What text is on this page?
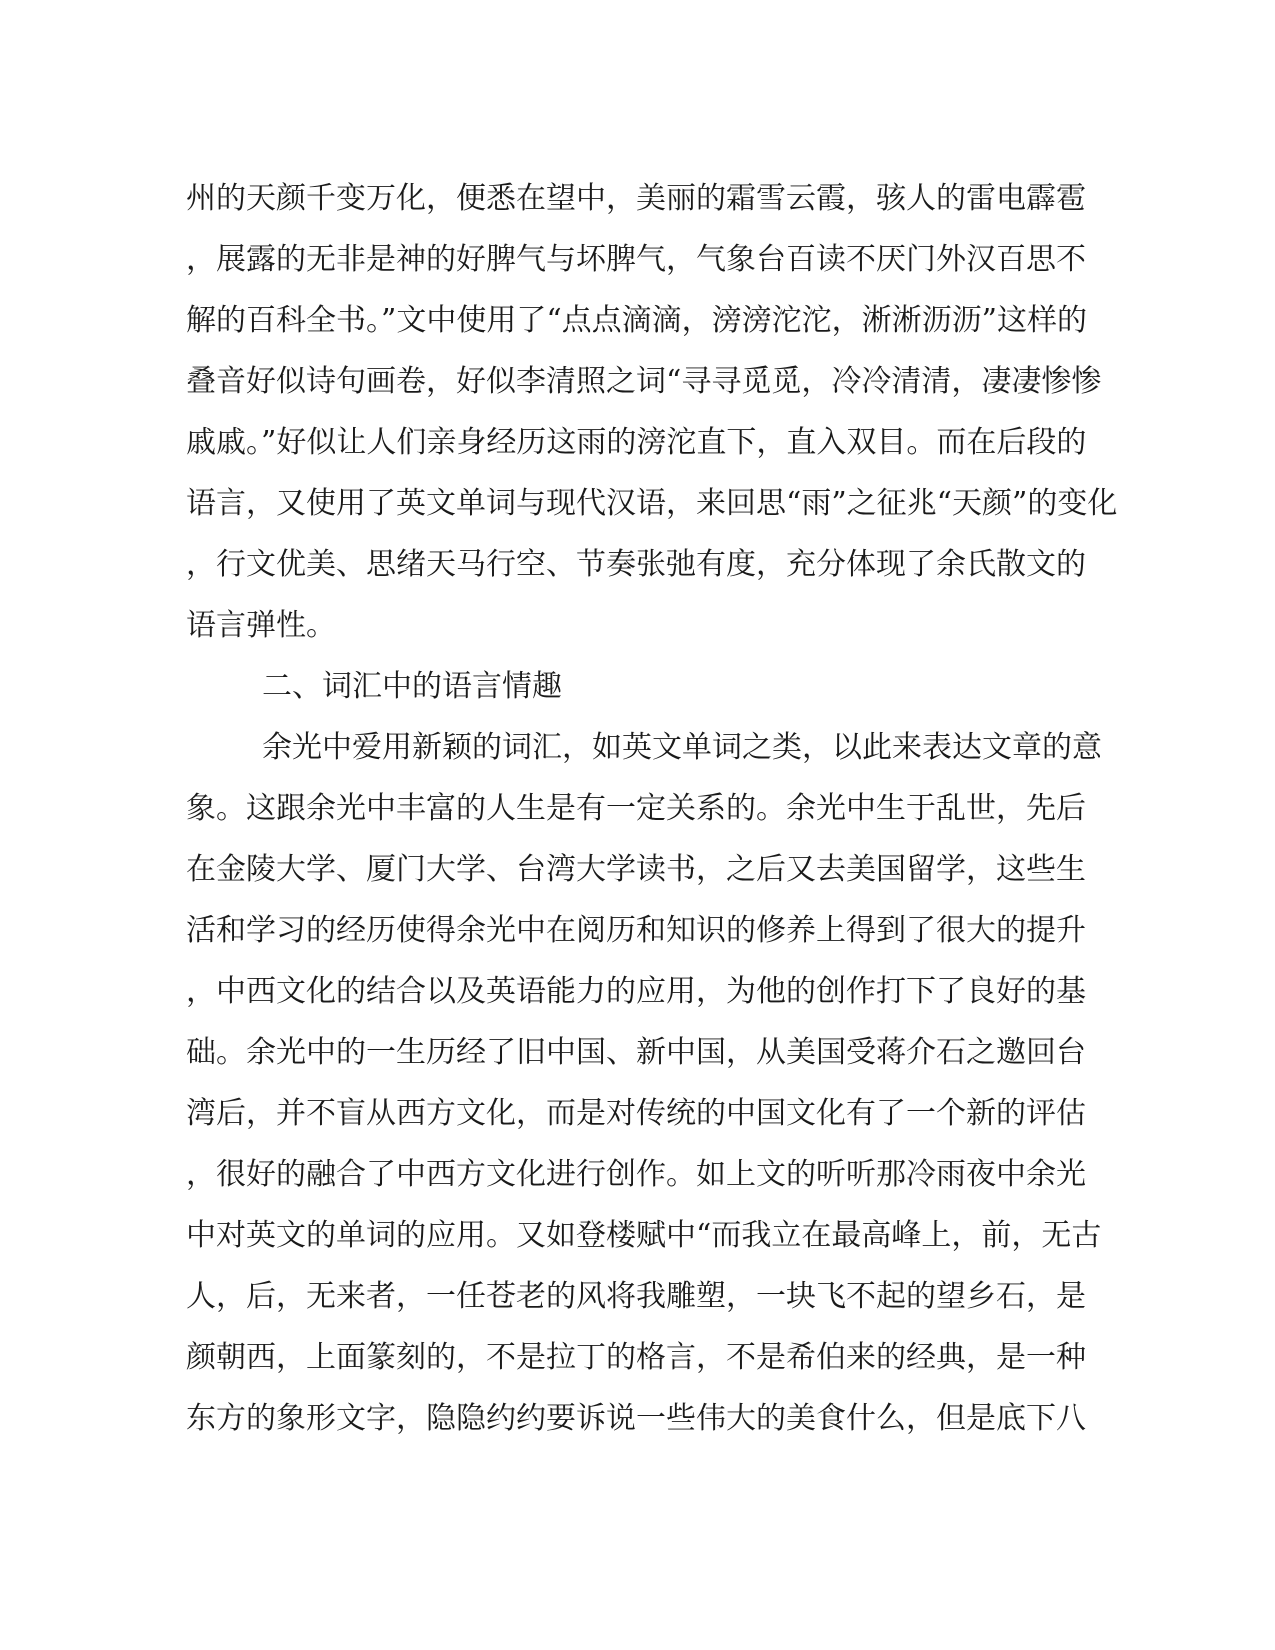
州的天颜千变万化，便悉在望中，美丽的霜雪云霞，骇人的雷电霹雹
，展露的无非是神的好脾气与坏脾气，气象台百读不厌门外汉百思不
解的百科全书。”文中使用了“点点滴滴，滂滂沱沱，淅淅沥沥”这样的
叠音好似诗句画卷，好似李清照之词“寻寻觅觅，冷冷清清，凄凄惨惨
戚戚。”好似让人们亲身经历这雨的滂沱直下，直入双目。而在后段的
语言，又使用了英文单词与现代汉语，来回思“雨”之征兆“天颜”的变化
，行文优美、思绪天马行空、节奏张弛有度，充分体现了余氏散文的
语言弹性。
二、词汇中的语言情趣
余光中爱用新颖的词汇，如英文单词之类，以此来表达文章的意
象。这跟余光中丰富的人生是有一定关系的。余光中生于乱世，先后
在金陵大学、厦门大学、台湾大学读书，之后又去美国留学，这些生
活和学习的经历使得余光中在阅历和知识的修养上得到了很大的提升
，中西文化的结合以及英语能力的应用，为他的创作打下了良好的基
础。余光中的一生历经了旧中国、新中国，从美国受蒋介石之邀回台
湾后，并不盲从西方文化，而是对传统的中国文化有了一个新的评估
，很好的融合了中西方文化进行创作。如上文的听听那冷雨夜中余光
中对英文的单词的应用。又如登楼赋中“而我立在最高峰上，前，无古
人，后，无来者，一任苍老的风将我雕塑，一块飞不起的望乡石，是
颜朝西，上面篆刻的，不是拉丁的格言，不是希伯来的经典，是一种
东方的象形文字，隐隐约约要诉说一些伟大的美食什么，但是底下八
